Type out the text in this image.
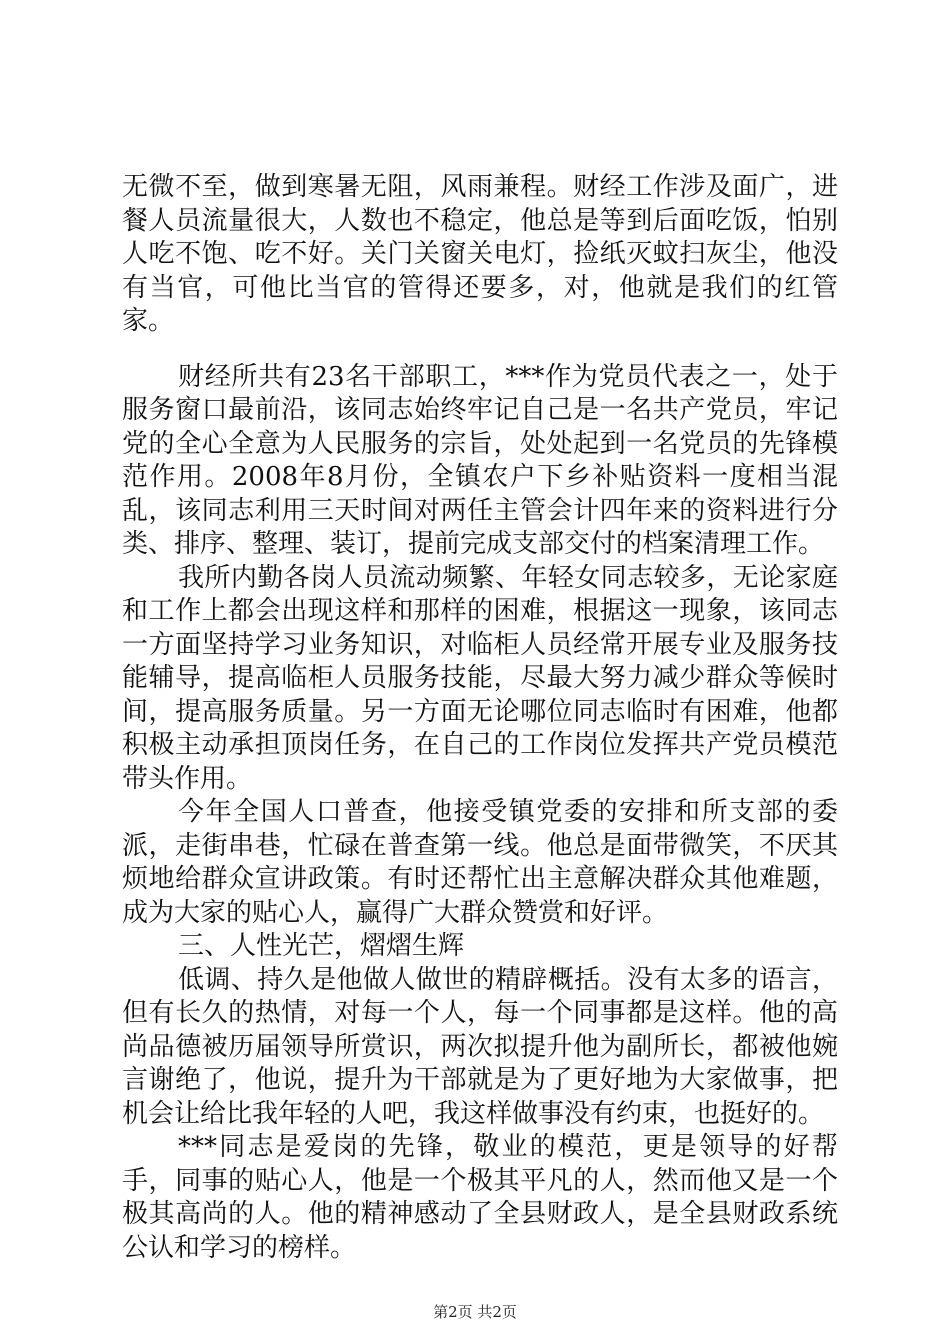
无微不至，做到寒暑无阻，风雨兼程。财经工作涉及面广，进餐人员流量很大，人数也不稳定，他总是等到后面吃饭，怕别人吃不饱、吃不好。关门关窗关电灯，捡纸灭蚊扫灰尘，他没有当官，可他比当官的管得还要多，对，他就是我们的红管家。

财经所共有23名干部职工，***作为党员代表之一，处于服务窗口最前沿，该同志始终牢记自己是一名共产党员，牢记党的全心全意为人民服务的宗旨，处处起到一名党员的先锋模范作用。2008年8月份，全镇农户下乡补贴资料一度相当混乱，该同志利用三天时间对两任主管会计四年来的资料进行分类、排序、整理、装订，提前完成支部交付的档案清理工作。

我所内勤各岗人员流动频繁、年轻女同志较多，无论家庭和工作上都会出现这样和那样的困难，根据这一现象，该同志一方面坚持学习业务知识，对临柜人员经常开展专业及服务技能辅导，提高临柜人员服务技能，尽最大努力减少群众等候时间，提高服务质量。另一方面无论哪位同志临时有困难，他都积极主动承担顶岗任务，在自己的工作岗位发挥共产党员模范带头作用。

今年全国人口普查，他接受镇党委的安排和所支部的委派，走街串巷，忙碌在普查第一线。他总是面带微笑，不厌其烦地给群众宣讲政策。有时还帮忙出主意解决群众其他难题，成为大家的贴心人，赢得广大群众赞赏和好评。

三、人性光芒，熠熠生辉

低调、持久是他做人做世的精辟概括。没有太多的语言，但有长久的热情，对每一个人，每一个同事都是这样。他的高尚品德被历届领导所赏识，两次拟提升他为副所长，都被他婉言谢绝了，他说，提升为干部就是为了更好地为大家做事，把机会让给比我年轻的人吧，我这样做事没有约束，也挺好的。

***同志是爱岗的先锋，敬业的模范，更是领导的好帮手，同事的贴心人，他是一个极其平凡的人，然而他又是一个极其高尚的人。他的精神感动了全县财政人，是全县财政系统公认和学习的榜样。

第2页 共2页
